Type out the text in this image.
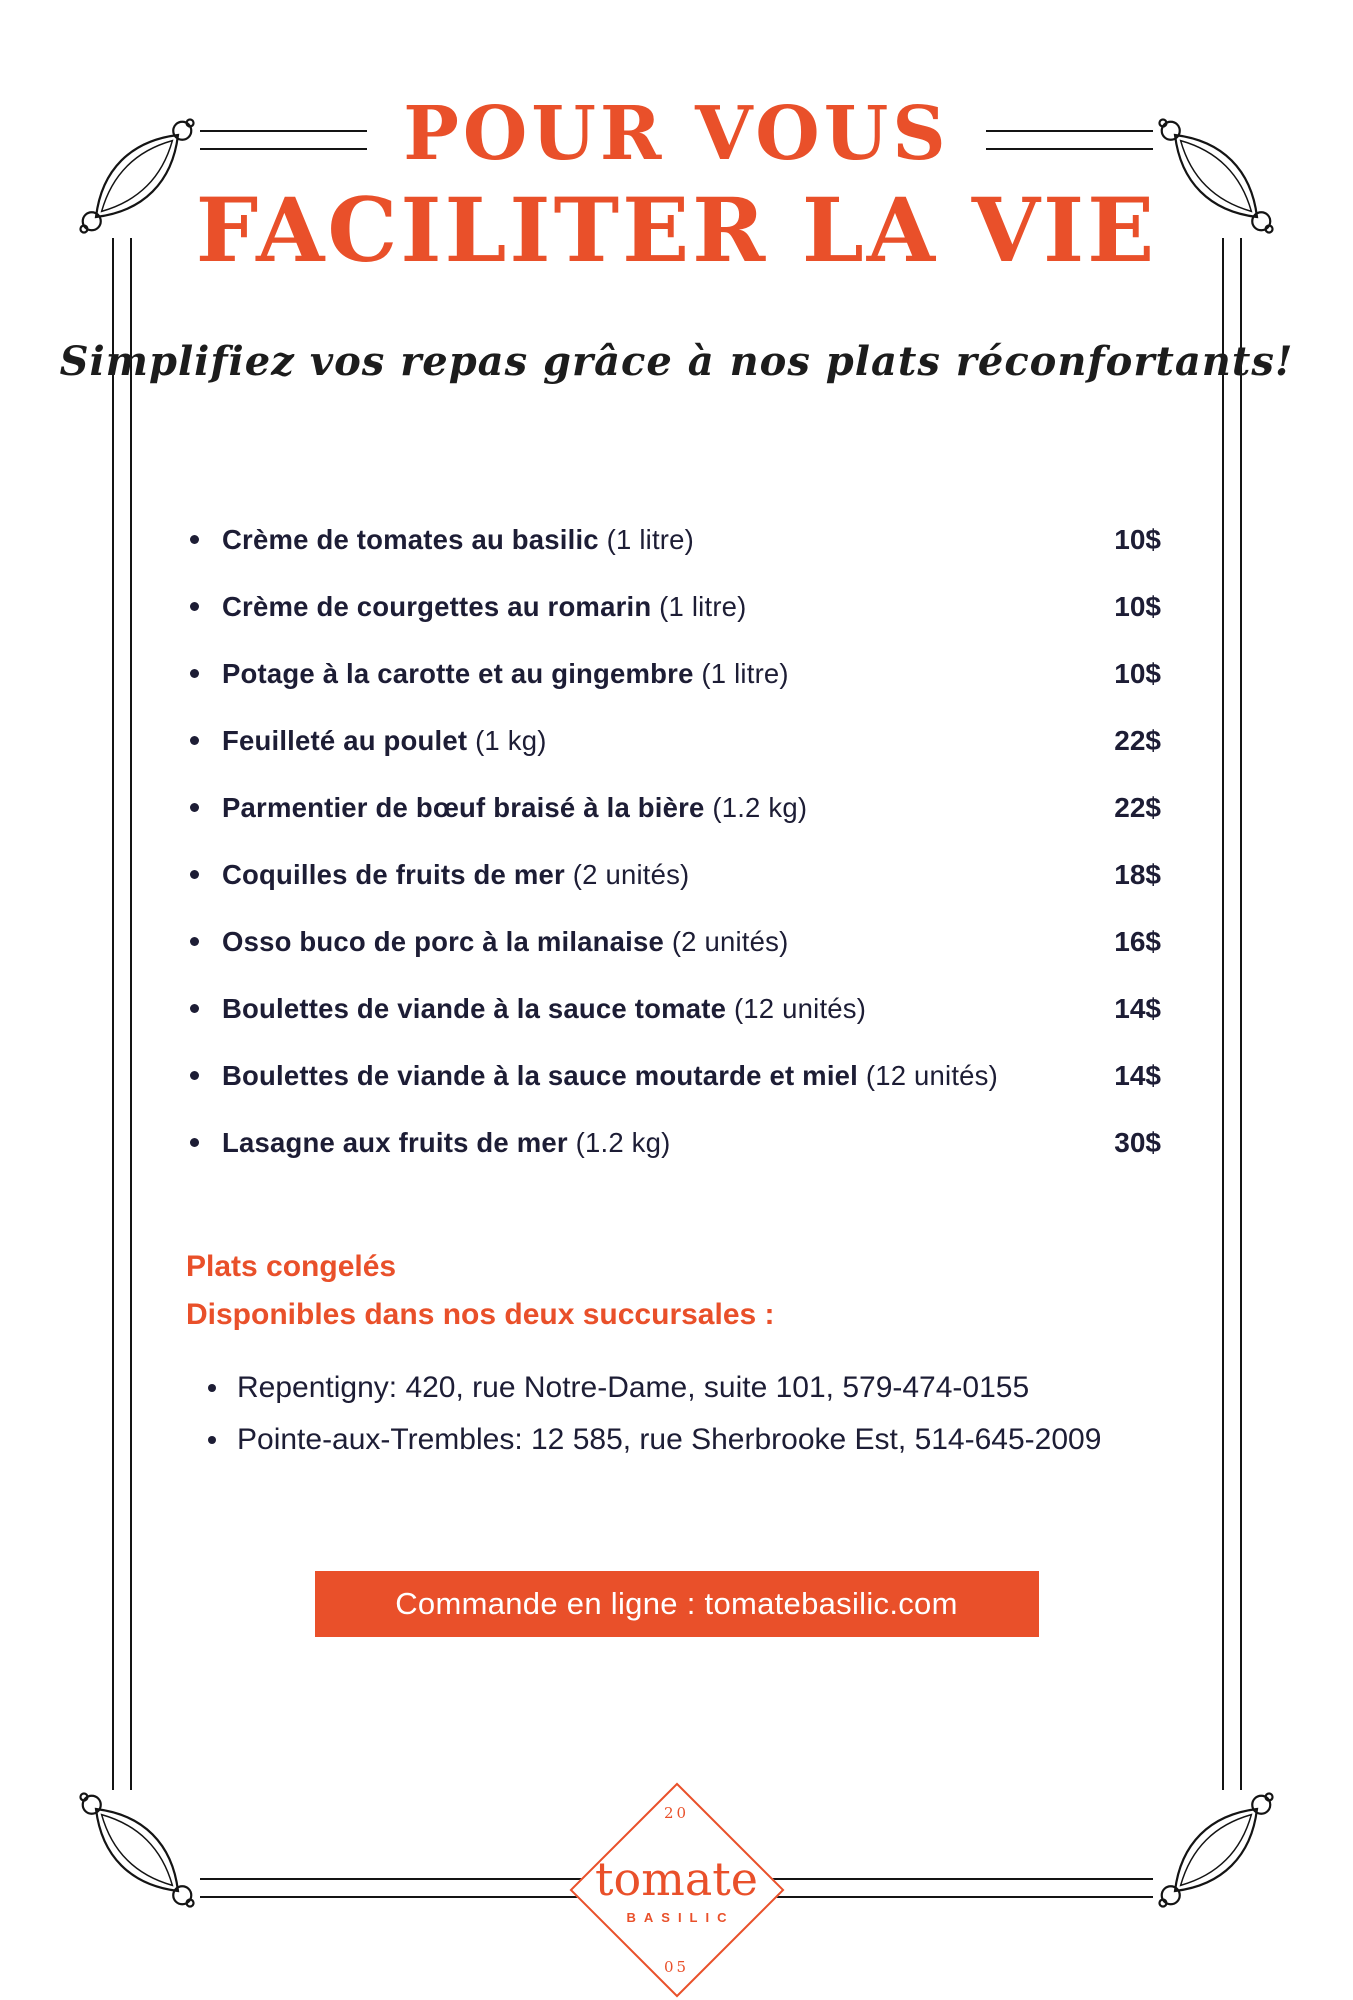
POUR VOUS
FACILITER LA VIE
Simplifiez vos repas grâce à nos plats réconfortants!
Crème de tomates au basilic (1 litre)	10$
Crème de courgettes au romarin (1 litre)	10$
Potage à la carotte et au gingembre (1 litre)	10$
Feuilleté au poulet (1 kg)	22$
Parmentier de bœuf braisé à la bière (1.2 kg)	22$
Coquilles de fruits de mer (2 unités)	18$
Osso buco de porc à la milanaise (2 unités)	16$
Boulettes de viande à la sauce tomate (12 unités)	14$
Boulettes de viande à la sauce moutarde et miel (12 unités)	14$
Lasagne aux fruits de mer (1.2 kg)	30$
Plats congelés
Disponibles dans nos deux succursales :
Repentigny: 420, rue Notre-Dame, suite 101, 579-474-0155
Pointe-aux-Trembles: 12 585, rue Sherbrooke Est, 514-645-2009
Commande en ligne : tomatebasilic.com
20
tomate
BASILIC
05
